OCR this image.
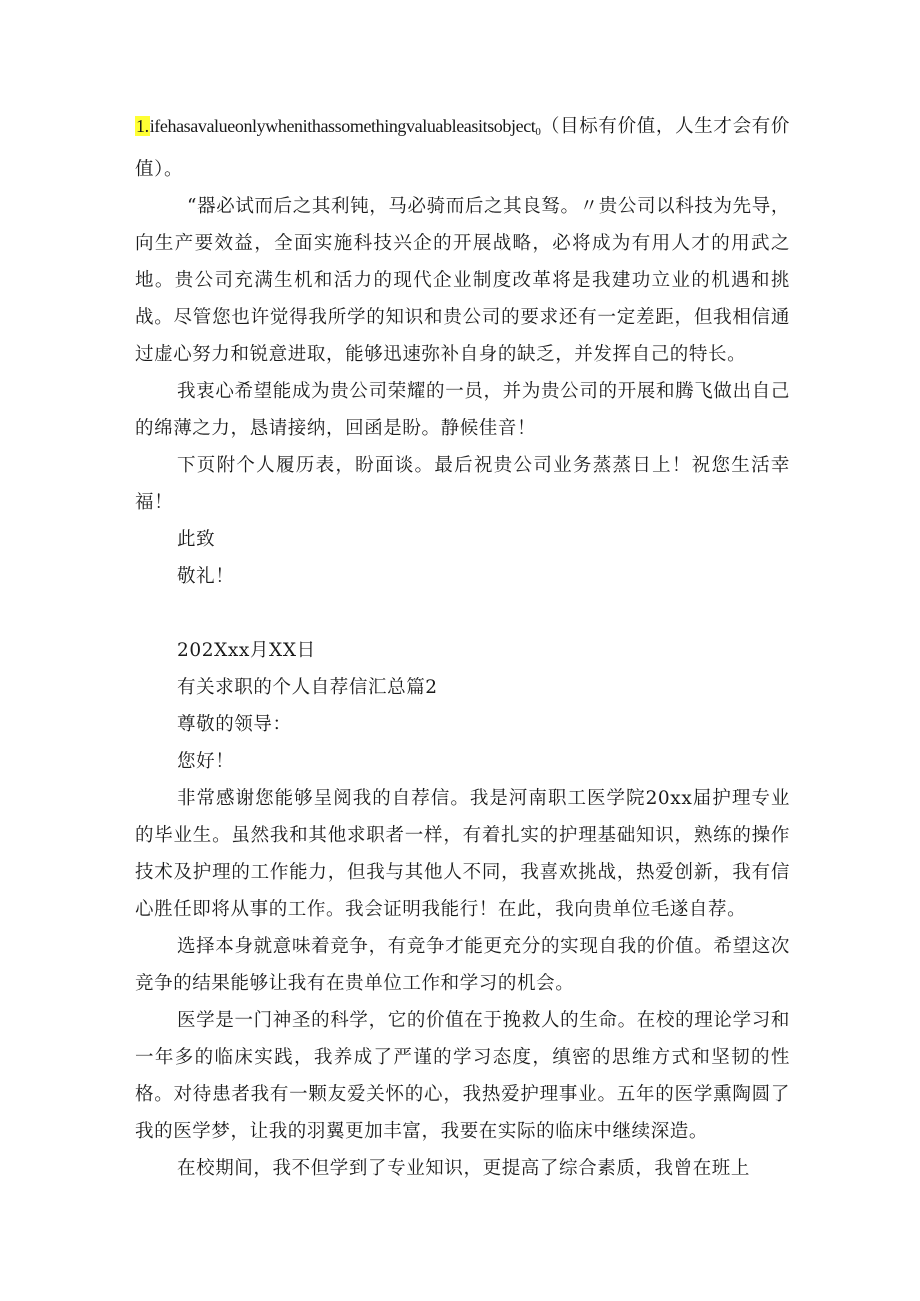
1.ifehasavalueonlywhenithassomethingvaluableasitsobject$_0$（目标有价值，人生才会有价值）。

“器必试而后之其利钝，马必骑而后之其良驽。〃贵公司以科技为先导，向生产要效益，全面实施科技兴企的开展战略，必将成为有用人才的用武之地。贵公司充满生机和活力的现代企业制度改革将是我建功立业的机遇和挑战。尽管您也许觉得我所学的知识和贵公司的要求还有一定差距，但我相信通过虚心努力和锐意进取，能够迅速弥补自身的缺乏，并发挥自己的特长。

我衷心希望能成为贵公司荣耀的一员，并为贵公司的开展和腾飞做出自己的绵薄之力，恳请接纳，回函是盼。静候佳音！

下页附个人履历表，盼面谈。最后祝贵公司业务蒸蒸日上！祝您生活幸福！

此致

敬礼！

202Xxx月XX日

有关求职的个人自荐信汇总篇2

尊敬的领导：

您好！

非常感谢您能够呈阅我的自荐信。我是河南职工医学院20xx届护理专业的毕业生。虽然我和其他求职者一样，有着扎实的护理基础知识，熟练的操作技术及护理的工作能力，但我与其他人不同，我喜欢挑战，热爱创新，我有信心胜任即将从事的工作。我会证明我能行！在此，我向贵单位毛遂自荐。

选择本身就意味着竞争，有竞争才能更充分的实现自我的价值。希望这次竞争的结果能够让我有在贵单位工作和学习的机会。

医学是一门神圣的科学，它的价值在于挽救人的生命。在校的理论学习和一年多的临床实践，我养成了严谨的学习态度，缜密的思维方式和坚韧的性格。对待患者我有一颗友爱关怀的心，我热爱护理事业。五年的医学熏陶圆了我的医学梦，让我的羽翼更加丰富，我要在实际的临床中继续深造。

在校期间，我不但学到了专业知识，更提高了综合素质，我曾在班上
